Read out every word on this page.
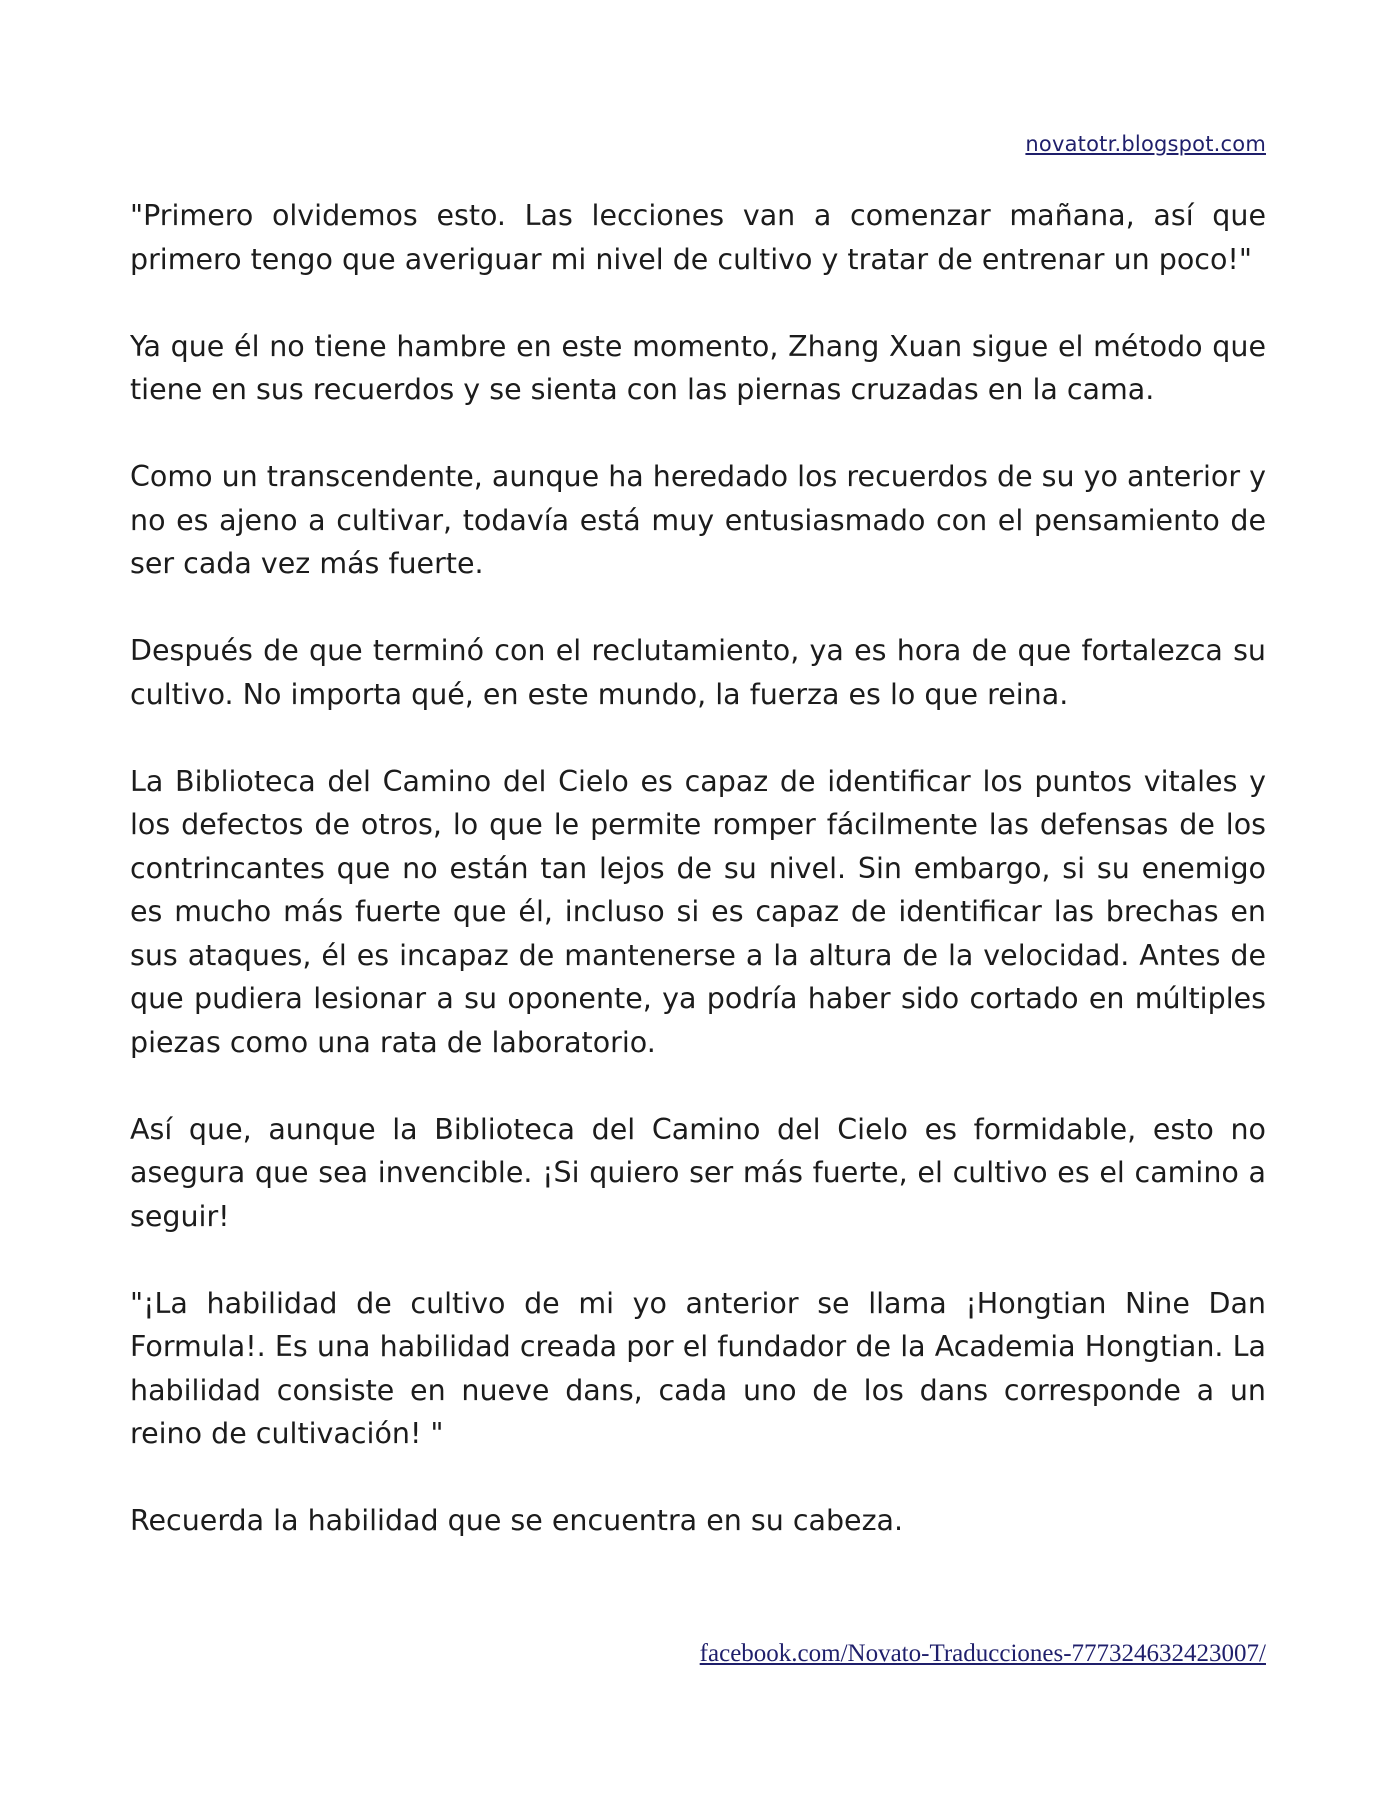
novatotr.blogspot.com

"Primero olvidemos esto. Las lecciones van a comenzar mañana, así que primero tengo que averiguar mi nivel de cultivo y tratar de entrenar un poco!"

Ya que él no tiene hambre en este momento, Zhang Xuan sigue el método que tiene en sus recuerdos y se sienta con las piernas cruzadas en la cama.

Como un transcendente, aunque ha heredado los recuerdos de su yo anterior y no es ajeno a cultivar, todavía está muy entusiasmado con el pensamiento de ser cada vez más fuerte.

Después de que terminó con el reclutamiento, ya es hora de que fortalezca su cultivo. No importa qué, en este mundo, la fuerza es lo que reina.

La Biblioteca del Camino del Cielo es capaz de identificar los puntos vitales y los defectos de otros, lo que le permite romper fácilmente las defensas de los contrincantes que no están tan lejos de su nivel. Sin embargo, si su enemigo es mucho más fuerte que él, incluso si es capaz de identificar las brechas en sus ataques, él es incapaz de mantenerse a la altura de la velocidad. Antes de que pudiera lesionar a su oponente, ya podría haber sido cortado en múltiples piezas como una rata de laboratorio.

Así que, aunque la Biblioteca del Camino del Cielo es formidable, esto no asegura que sea invencible. ¡Si quiero ser más fuerte, el cultivo es el camino a seguir!

"¡La habilidad de cultivo de mi yo anterior se llama ¡Hongtian Nine Dan Formula!. Es una habilidad creada por el fundador de la Academia Hongtian. La habilidad consiste en nueve dans, cada uno de los dans corresponde a un reino de cultivación! "

Recuerda la habilidad que se encuentra en su cabeza.

facebook.com/Novato-Traducciones-777324632423007/
